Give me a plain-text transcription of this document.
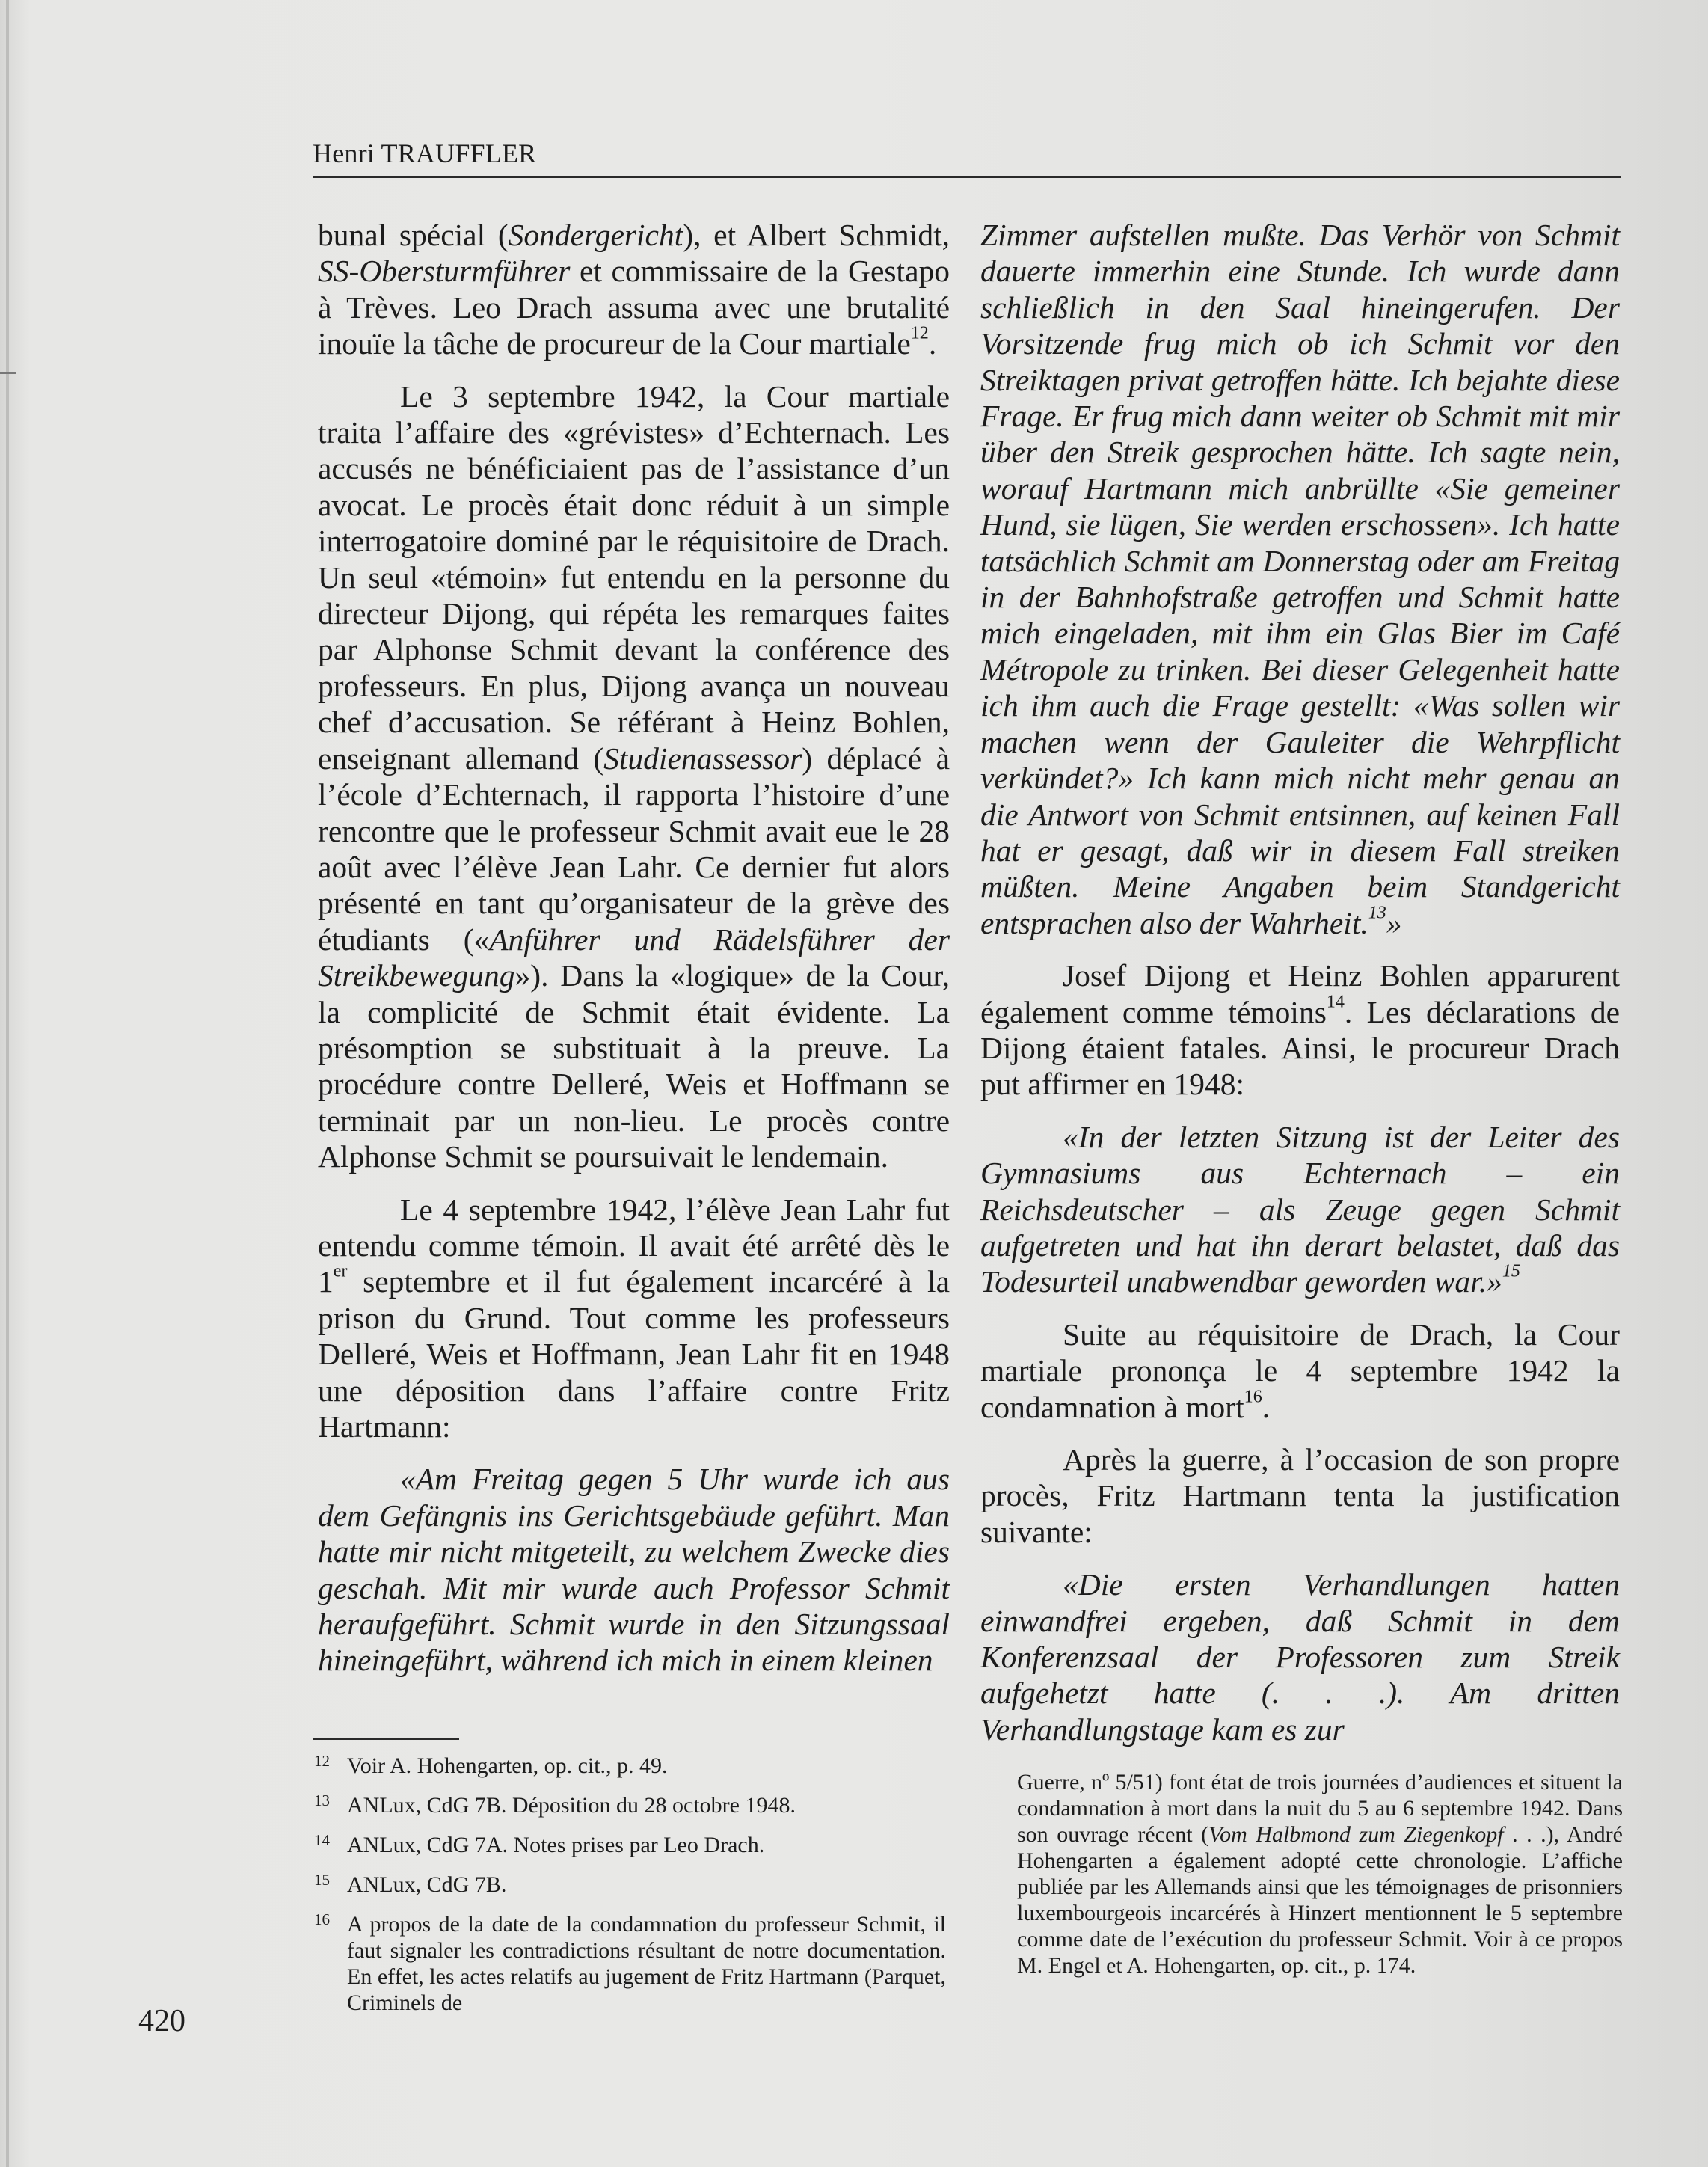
Henri TRAUFFLER

bunal spécial (Sondergericht), et Albert Schmidt, SS-Obersturmführer et commissaire de la Gestapo à Trèves. Leo Drach assuma avec une brutalité inouïe la tâche de procureur de la Cour martiale$^{12}$.

Le 3 septembre 1942, la Cour martiale traita l’affaire des «grévistes» d’Echternach. Les accusés ne bénéficiaient pas de l’assistance d’un avocat. Le procès était donc réduit à un simple interrogatoire dominé par le réquisitoire de Drach. Un seul «témoin» fut entendu en la personne du directeur Dijong, qui répéta les remarques faites par Alphonse Schmit devant la conférence des professeurs. En plus, Dijong avança un nouveau chef d’accusation. Se référant à Heinz Bohlen, enseignant allemand (Studienassessor) déplacé à l’école d’Echternach, il rapporta l’histoire d’une rencontre que le professeur Schmit avait eue le 28 août avec l’élève Jean Lahr. Ce dernier fut alors présenté en tant qu’organisateur de la grève des étudiants («Anführer und Rädelsführer der Streikbewegung»). Dans la «logique» de la Cour, la complicité de Schmit était évidente. La présomption se substituait à la preuve. La procédure contre Delleré, Weis et Hoffmann se terminait par un non-lieu. Le procès contre Alphonse Schmit se poursuivait le lendemain.

Le 4 septembre 1942, l’élève Jean Lahr fut entendu comme témoin. Il avait été arrêté dès le 1er septembre et il fut également incarcéré à la prison du Grund. Tout comme les professeurs Delleré, Weis et Hoffmann, Jean Lahr fit en 1948 une déposition dans l’affaire contre Fritz Hartmann:

«Am Freitag gegen 5 Uhr wurde ich aus dem Gefängnis ins Gerichtsgebäude geführt. Man hatte mir nicht mitgeteilt, zu welchem Zwecke dies geschah. Mit mir wurde auch Professor Schmit heraufgeführt. Schmit wurde in den Sitzungssaal hineingeführt, während ich mich in einem kleinen

Zimmer aufstellen mußte. Das Verhör von Schmit dauerte immerhin eine Stunde. Ich wurde dann schließlich in den Saal hineingerufen. Der Vorsitzende frug mich ob ich Schmit vor den Streiktagen privat getroffen hätte. Ich bejahte diese Frage. Er frug mich dann weiter ob Schmit mit mir über den Streik gesprochen hätte. Ich sagte nein, worauf Hartmann mich anbrüllte «Sie gemeiner Hund, sie lügen, Sie werden erschossen». Ich hatte tatsächlich Schmit am Donnerstag oder am Freitag in der Bahnhofstraße getroffen und Schmit hatte mich eingeladen, mit ihm ein Glas Bier im Café Métropole zu trinken. Bei dieser Gelegenheit hatte ich ihm auch die Frage gestellt: «Was sollen wir machen wenn der Gauleiter die Wehrpflicht verkündet?» Ich kann mich nicht mehr genau an die Antwort von Schmit entsinnen, auf keinen Fall hat er gesagt, daß wir in diesem Fall streiken müßten. Meine Angaben beim Standgericht entsprachen also der Wahrheit.$^{13}$»

Josef Dijong et Heinz Bohlen apparurent également comme témoins$^{14}$. Les déclarations de Dijong étaient fatales. Ainsi, le procureur Drach put affirmer en 1948:

«In der letzten Sitzung ist der Leiter des Gymnasiums aus Echternach – ein Reichsdeutscher – als Zeuge gegen Schmit aufgetreten und hat ihn derart belastet, daß das Todesurteil unabwendbar geworden war.»$^{15}$

Suite au réquisitoire de Drach, la Cour martiale prononça le 4 septembre 1942 la condamnation à mort$^{16}$.

Après la guerre, à l’occasion de son propre procès, Fritz Hartmann tenta la justification suivante:

«Die ersten Verhandlungen hatten einwandfrei ergeben, daß Schmit in dem Konferenzsaal der Professoren zum Streik aufgehetzt hatte (. . .). Am dritten Verhandlungstage kam es zur

12 Voir A. Hohengarten, op. cit., p. 49.

13 ANLux, CdG 7B. Déposition du 28 octobre 1948.

14 ANLux, CdG 7A. Notes prises par Leo Drach.

15 ANLux, CdG 7B.

16 A propos de la date de la condamnation du professeur Schmit, il faut signaler les contradictions résultant de notre documentation. En effet, les actes relatifs au jugement de Fritz Hartmann (Parquet, Criminels de

Guerre, nº 5/51) font état de trois journées d’audiences et situent la condamnation à mort dans la nuit du 5 au 6 septembre 1942. Dans son ouvrage récent (Vom Halbmond zum Ziegenkopf . . .), André Hohengarten a également adopté cette chronologie. L’affiche publiée par les Allemands ainsi que les témoignages de prisonniers luxembourgeois incarcérés à Hinzert mentionnent le 5 septembre comme date de l’exécution du professeur Schmit. Voir à ce propos M. Engel et A. Hohengarten, op. cit., p. 174.

420
